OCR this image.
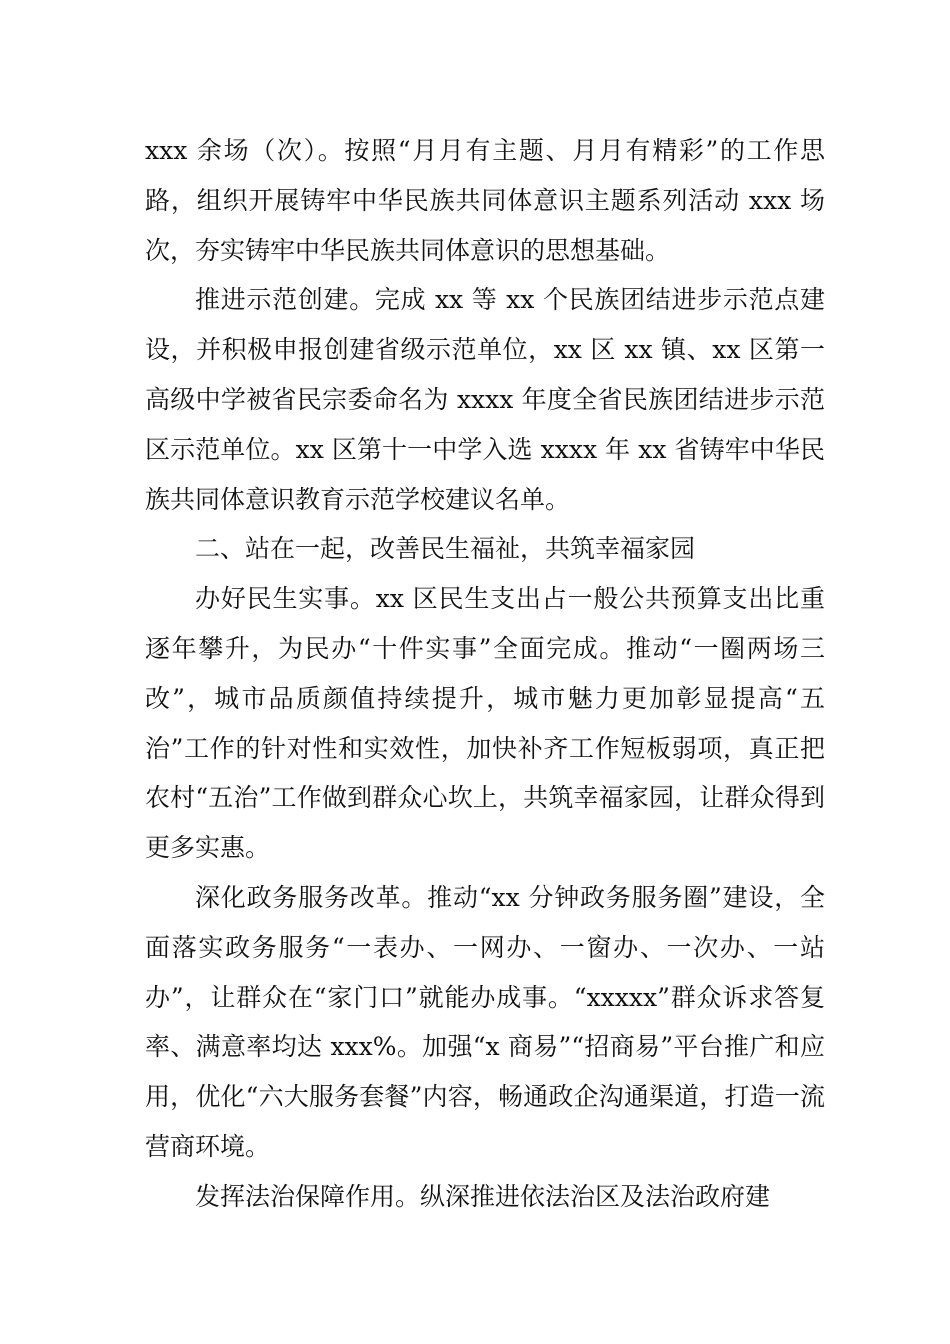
xxx 余场（次）。按照“月月有主题、月月有精彩”的工作思路，组织开展铸牢中华民族共同体意识主题系列活动 xxx 场次，夯实铸牢中华民族共同体意识的思想基础。

推进示范创建。完成 xx 等 xx 个民族团结进步示范点建设，并积极申报创建省级示范单位，xx 区 xx 镇、xx 区第一高级中学被省民宗委命名为 xxxx 年度全省民族团结进步示范区示范单位。xx 区第十一中学入选 xxxx 年 xx 省铸牢中华民族共同体意识教育示范学校建议名单。

二、站在一起，改善民生福祉，共筑幸福家园

办好民生实事。xx 区民生支出占一般公共预算支出比重逐年攀升，为民办“十件实事”全面完成。推动“一圈两场三改”，城市品质颜值持续提升，城市魅力更加彰显提高“五治”工作的针对性和实效性，加快补齐工作短板弱项，真正把农村“五治”工作做到群众心坎上，共筑幸福家园，让群众得到更多实惠。

深化政务服务改革。推动“xx 分钟政务服务圈”建设，全面落实政务服务“一表办、一网办、一窗办、一次办、一站办”，让群众在“家门口”就能办成事。“xxxxx”群众诉求答复率、满意率均达 xxx%。加强“x 商易”“招商易”平台推广和应用，优化“六大服务套餐”内容，畅通政企沟通渠道，打造一流营商环境。

发挥法治保障作用。纵深推进依法治区及法治政府建
